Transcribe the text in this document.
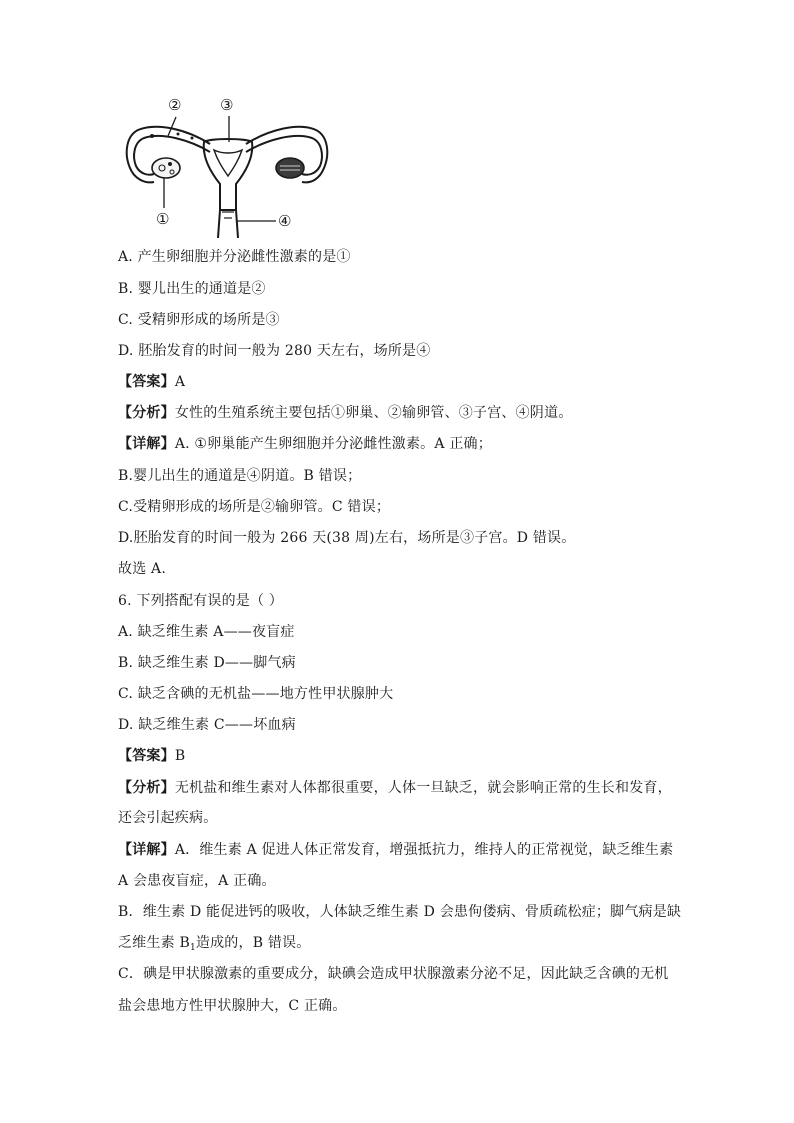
②	③
①	④
A. 产生卵细胞并分泌雌性激素的是①
B. 婴儿出生的通道是②
C. 受精卵形成的场所是③
D. 胚胎发育的时间一般为 280 天左右，场所是④
【答案】A
【分析】女性的生殖系统主要包括①卵巢、②输卵管、③子宫、④阴道。
【详解】A. ①卵巢能产生卵细胞并分泌雌性激素。A 正确；
B.婴儿出生的通道是④阴道。B 错误；
C.受精卵形成的场所是②输卵管。C 错误；
D.胚胎发育的时间一般为 266 天(38 周)左右，场所是③子宫。D 错误。
故选 A.
6. 下列搭配有误的是（ ）
A. 缺乏维生素 A——夜盲症
B. 缺乏维生素 D——脚气病
C. 缺乏含碘的无机盐——地方性甲状腺肿大
D. 缺乏维生素 C——坏血病
【答案】B
【分析】无机盐和维生素对人体都很重要，人体一旦缺乏，就会影响正常的生长和发育，
还会引起疾病。
【详解】A．维生素 A 促进人体正常发育，增强抵抗力，维持人的正常视觉，缺乏维生素
A 会患夜盲症，A 正确。
B．维生素 D 能促进钙的吸收，人体缺乏维生素 D 会患佝偻病、骨质疏松症；脚气病是缺
乏维生素 $B_1$造成的，B 错误。
C．碘是甲状腺激素的重要成分，缺碘会造成甲状腺激素分泌不足，因此缺乏含碘的无机
盐会患地方性甲状腺肿大，C 正确。
